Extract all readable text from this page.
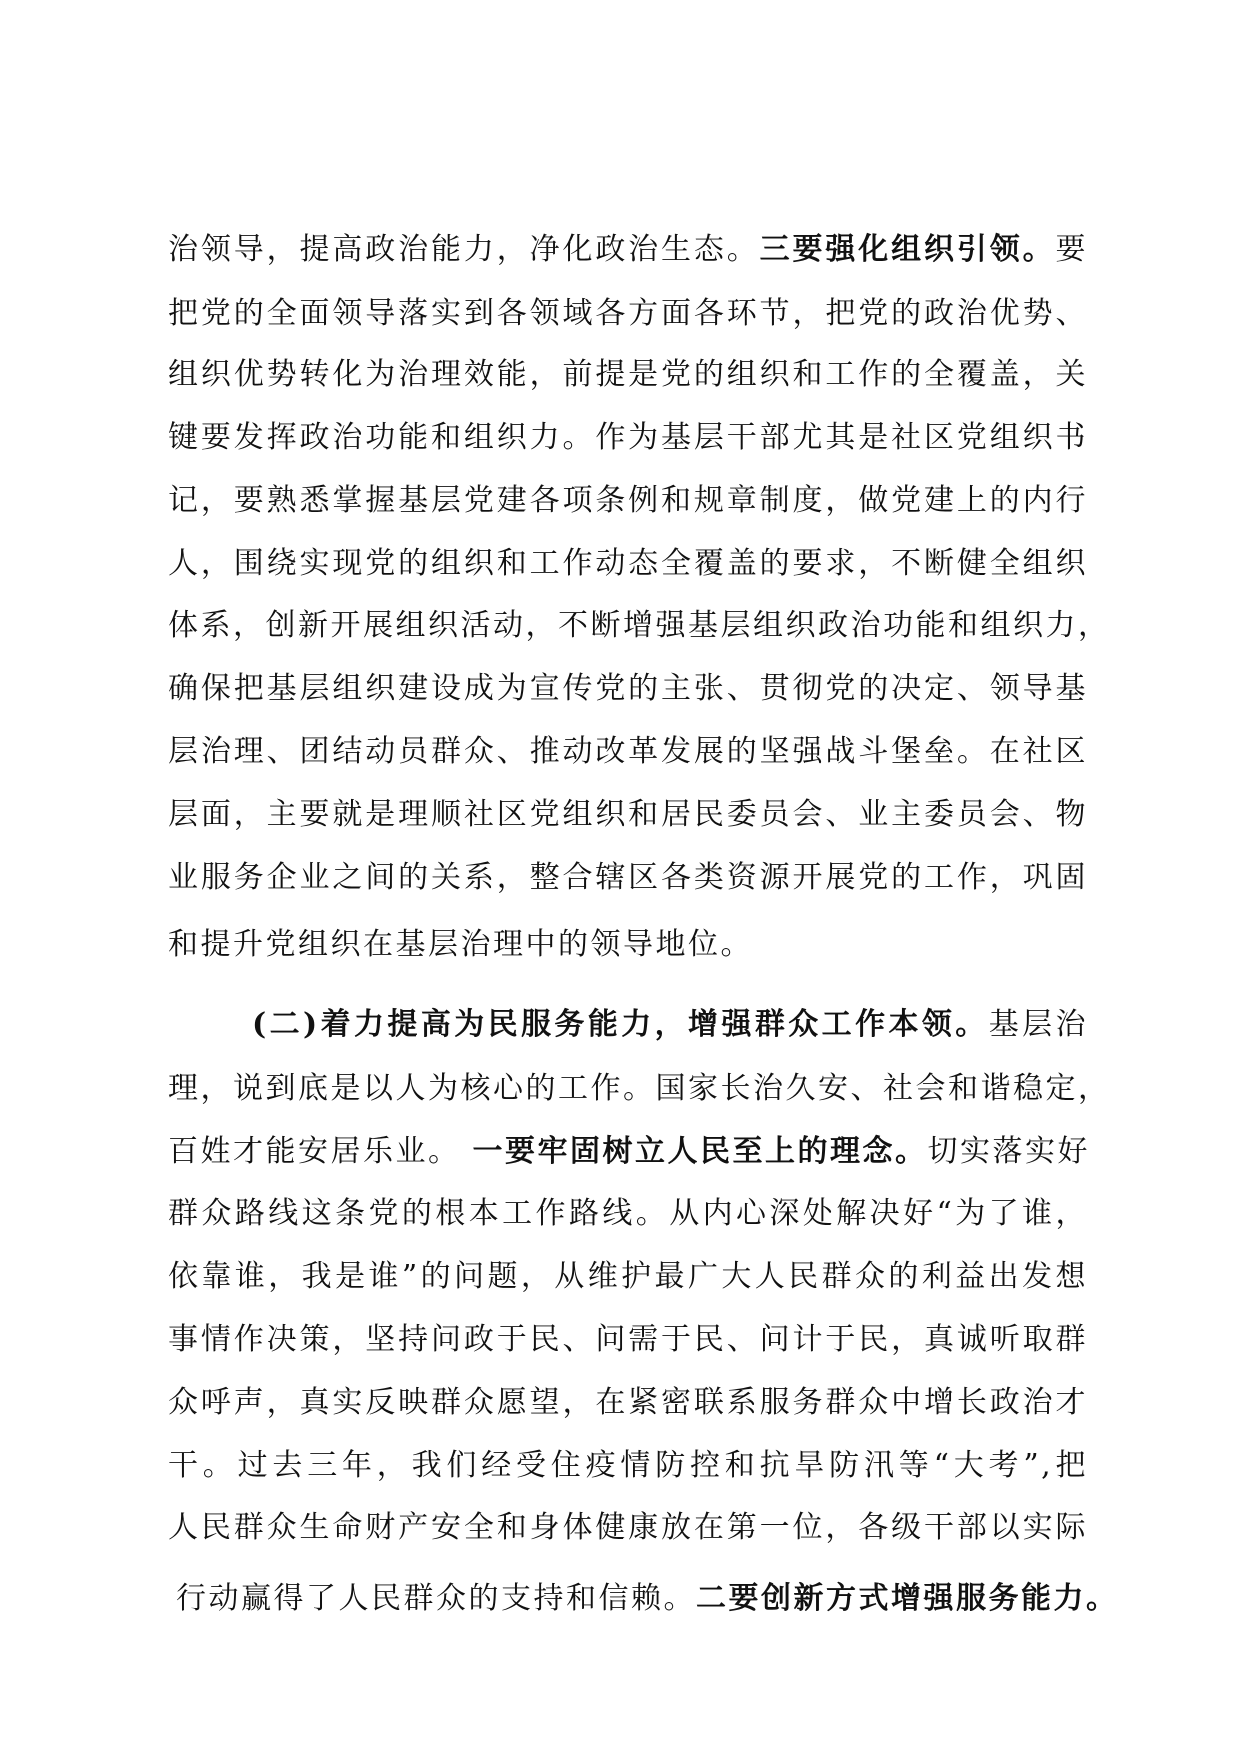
治领导，提高政治能力，净化政治生态。三要强化组织引领。要
把党的全面领导落实到各领域各方面各环节，把党的政治优势、
组织优势转化为治理效能，前提是党的组织和工作的全覆盖，关
键要发挥政治功能和组织力。作为基层干部尤其是社区党组织书
记，要熟悉掌握基层党建各项条例和规章制度，做党建上的内行
人，围绕实现党的组织和工作动态全覆盖的要求，不断健全组织
体系，创新开展组织活动，不断增强基层组织政治功能和组织力，
确保把基层组织建设成为宣传党的主张、贯彻党的决定、领导基
层治理、团结动员群众、推动改革发展的坚强战斗堡垒。在社区
层面，主要就是理顺社区党组织和居民委员会、业主委员会、物
业服务企业之间的关系，整合辖区各类资源开展党的工作，巩固
和提升党组织在基层治理中的领导地位。
(二)着力提高为民服务能力，增强群众工作本领。基层治
理，说到底是以人为核心的工作。国家长治久安、社会和谐稳定，
百姓才能安居乐业。 一要牢固树立人民至上的理念。切实落实好
群众路线这条党的根本工作路线。从内心深处解决好“为了谁，
依靠谁，我是谁”的问题，从维护最广大人民群众的利益出发想
事情作决策，坚持问政于民、问需于民、问计于民，真诚听取群
众呼声，真实反映群众愿望，在紧密联系服务群众中增长政治才
干。过去三年，我们经受住疫情防控和抗旱防汛等“大考”,把
人民群众生命财产安全和身体健康放在第一位，各级干部以实际
行动赢得了人民群众的支持和信赖。二要创新方式增强服务能力。
